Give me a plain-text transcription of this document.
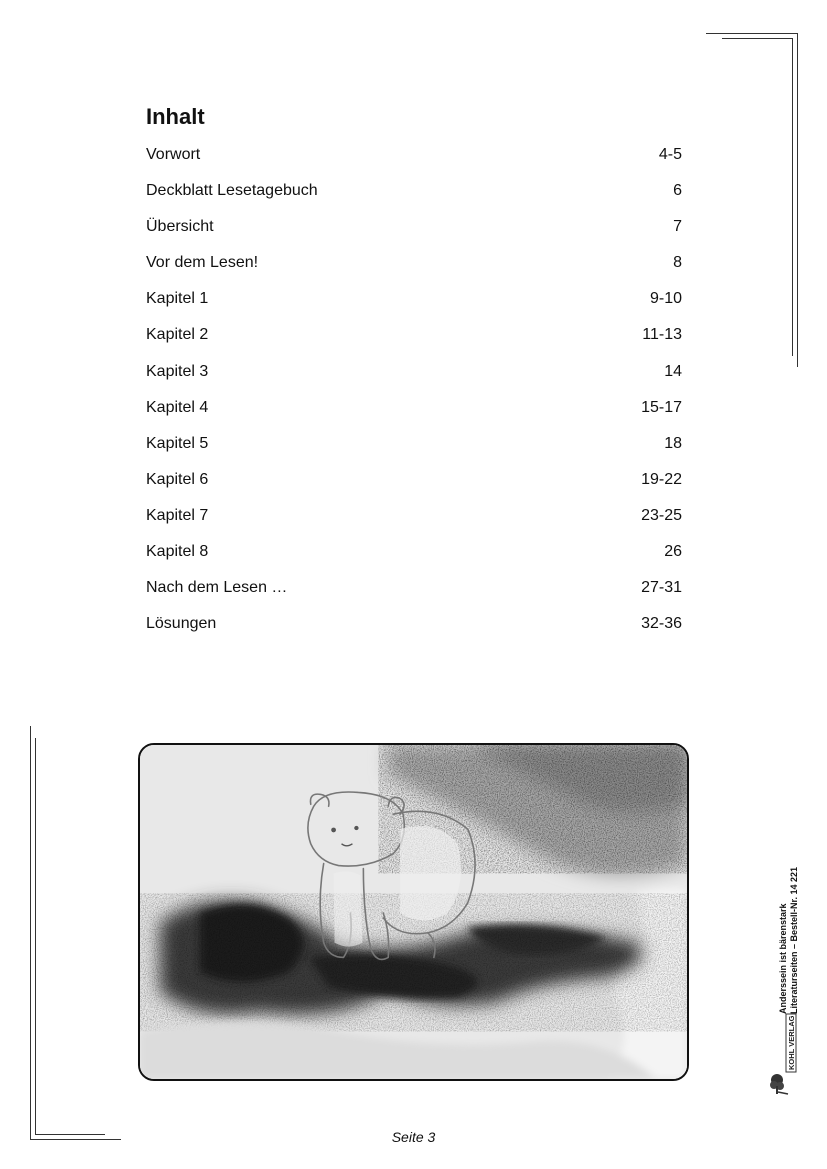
Inhalt
Vorwort	4-5
Deckblatt Lesetagebuch	6
Übersicht	7
Vor dem Lesen!	8
Kapitel 1	9-10
Kapitel 2	11-13
Kapitel 3	14
Kapitel 4	15-17
Kapitel 5	18
Kapitel 6	19-22
Kapitel 7	23-25
Kapitel 8	26
Nach dem Lesen …	27-31
Lösungen	32-36
Anderssein ist bärenstark Literaturseiten – Bestell-Nr. 14 221
KOHL VERLAG
Seite 3
